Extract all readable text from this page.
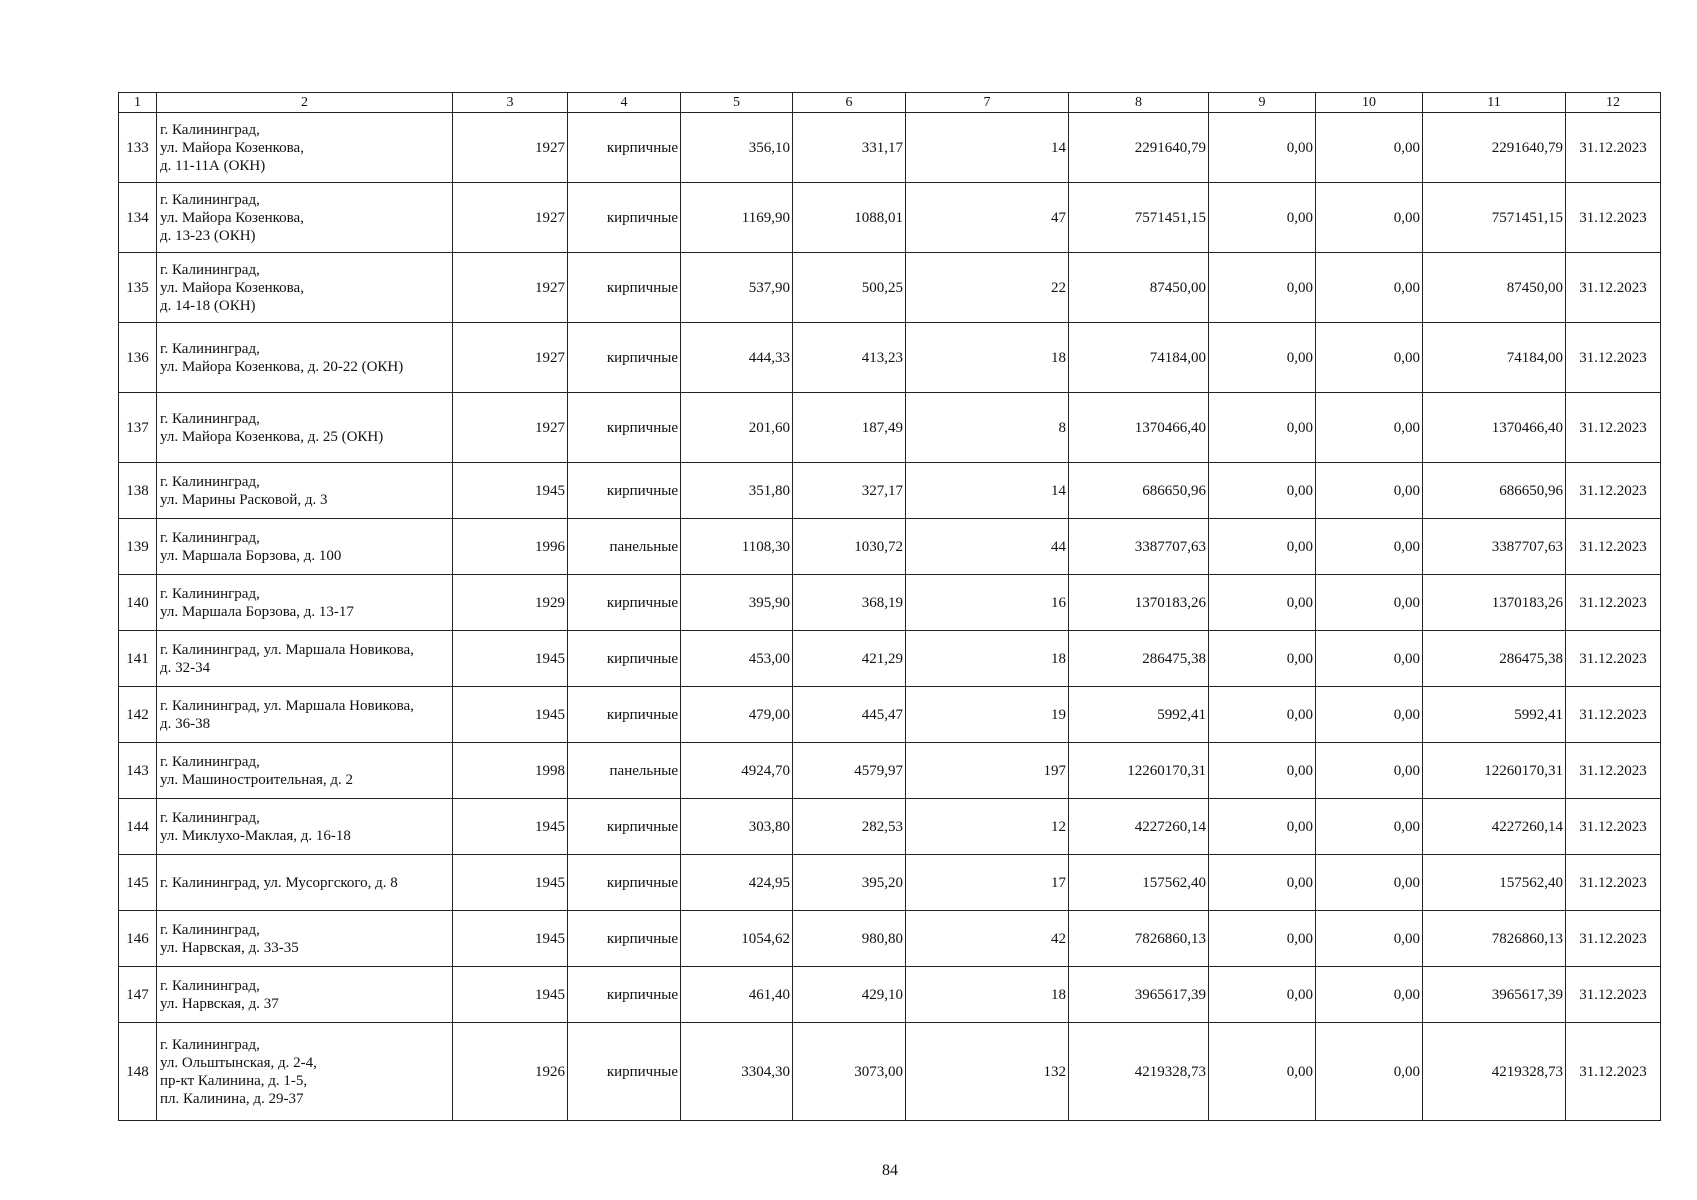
1	2	3	4	5	6	7	8	9	10	11	12
133	г. Калининград,
ул. Майора Козенкова,
д. 11-11А (ОКН)	1927	кирпичные	356,10	331,17	14	2291640,79	0,00	0,00	2291640,79	31.12.2023
134	г. Калининград,
ул. Майора Козенкова,
д. 13-23 (ОКН)	1927	кирпичные	1169,90	1088,01	47	7571451,15	0,00	0,00	7571451,15	31.12.2023
135	г. Калининград,
ул. Майора Козенкова,
д. 14-18 (ОКН)	1927	кирпичные	537,90	500,25	22	87450,00	0,00	0,00	87450,00	31.12.2023
136	г. Калининград,
ул. Майора Козенкова, д. 20-22 (ОКН)	1927	кирпичные	444,33	413,23	18	74184,00	0,00	0,00	74184,00	31.12.2023
137	г. Калининград,
ул. Майора Козенкова, д. 25 (ОКН)	1927	кирпичные	201,60	187,49	8	1370466,40	0,00	0,00	1370466,40	31.12.2023
138	г. Калининград,
ул. Марины Расковой, д. 3	1945	кирпичные	351,80	327,17	14	686650,96	0,00	0,00	686650,96	31.12.2023
139	г. Калининград,
ул. Маршала Борзова, д. 100	1996	панельные	1108,30	1030,72	44	3387707,63	0,00	0,00	3387707,63	31.12.2023
140	г. Калининград,
ул. Маршала Борзова, д. 13-17	1929	кирпичные	395,90	368,19	16	1370183,26	0,00	0,00	1370183,26	31.12.2023
141	г. Калининград, ул. Маршала Новикова,
д. 32-34	1945	кирпичные	453,00	421,29	18	286475,38	0,00	0,00	286475,38	31.12.2023
142	г. Калининград, ул. Маршала Новикова,
д. 36-38	1945	кирпичные	479,00	445,47	19	5992,41	0,00	0,00	5992,41	31.12.2023
143	г. Калининград,
ул. Машиностроительная, д. 2	1998	панельные	4924,70	4579,97	197	12260170,31	0,00	0,00	12260170,31	31.12.2023
144	г. Калининград,
ул. Миклухо-Маклая, д. 16-18	1945	кирпичные	303,80	282,53	12	4227260,14	0,00	0,00	4227260,14	31.12.2023
145	г. Калининград, ул. Мусоргского, д. 8	1945	кирпичные	424,95	395,20	17	157562,40	0,00	0,00	157562,40	31.12.2023
146	г. Калининград,
ул. Нарвская, д. 33-35	1945	кирпичные	1054,62	980,80	42	7826860,13	0,00	0,00	7826860,13	31.12.2023
147	г. Калининград,
ул. Нарвская, д. 37	1945	кирпичные	461,40	429,10	18	3965617,39	0,00	0,00	3965617,39	31.12.2023
148	г. Калининград,
ул. Ольштынская, д. 2-4,
пр-кт Калинина, д. 1-5,
пл. Калинина, д. 29-37	1926	кирпичные	3304,30	3073,00	132	4219328,73	0,00	0,00	4219328,73	31.12.2023
84
